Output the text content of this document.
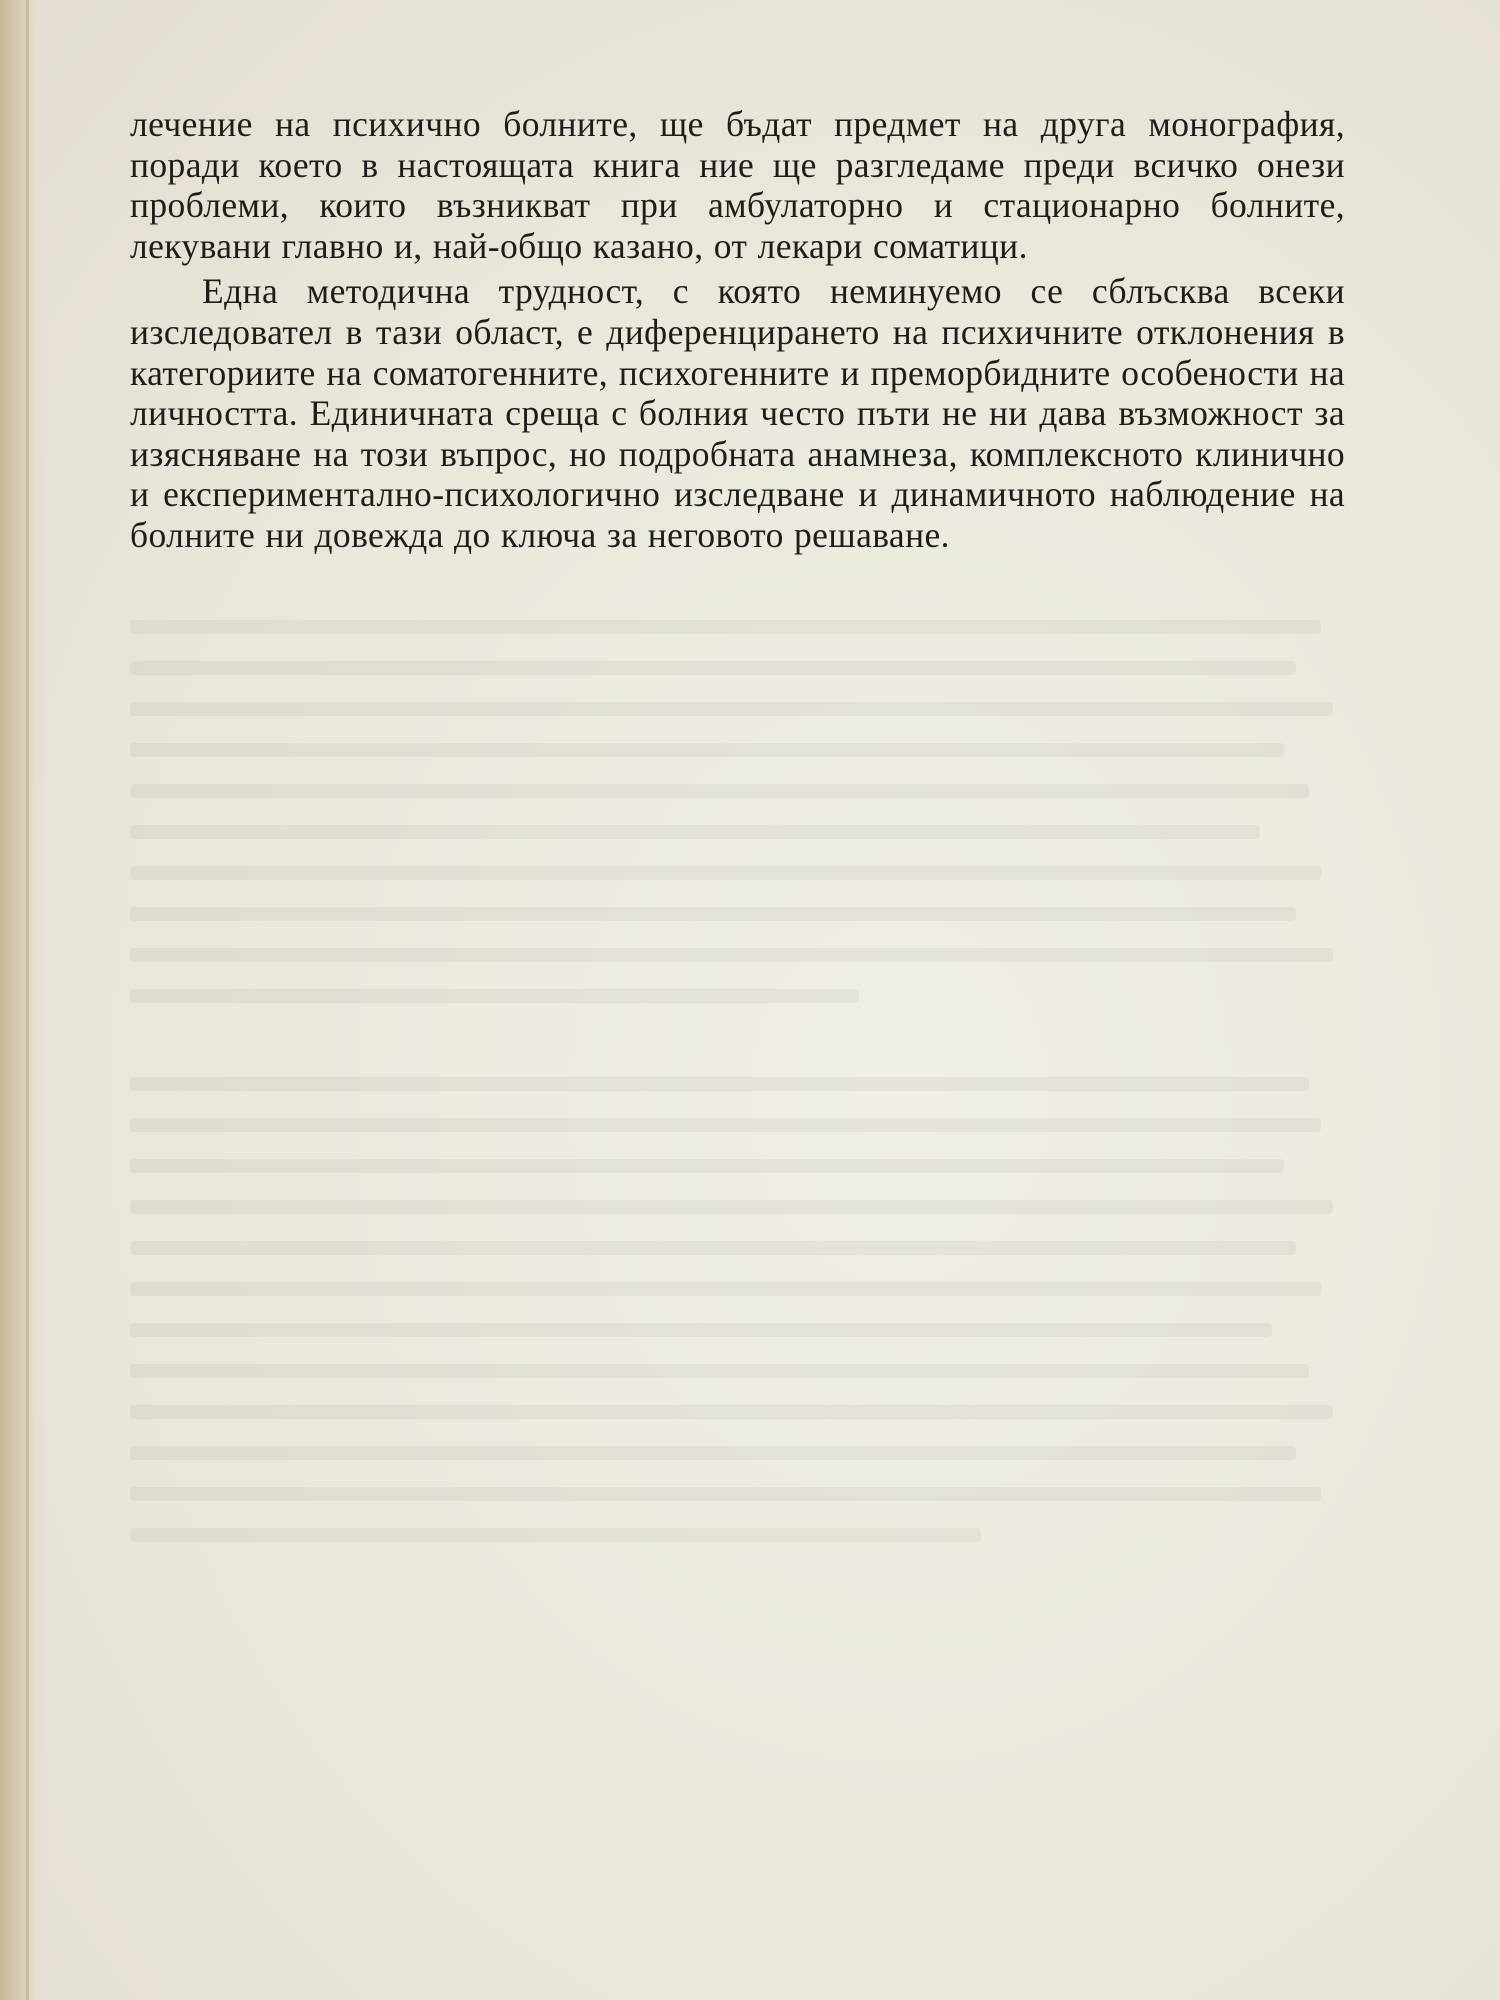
лечение на психично болните, ще бъдат предмет на друга монография, поради което в настоящата книга ние ще разгледаме преди всичко онези проблеми, които възникват при амбулаторно и стационарно болните, лекувани главно и, най-общо казано, от лекари соматици.

Една методична трудност, с която неминуемо се сблъсква всеки изследовател в тази област, е диференцирането на психичните отклонения в категориите на соматогенните, психогенните и преморбидните особености на личността. Единичната среща с болния често пъти не ни дава възможност за изясняване на този въпрос, но подробната анамнеза, комплексното клинично и експериментално-психологично изследване и динамичното наблюдение на болните ни довежда до ключа за неговото решаване.
